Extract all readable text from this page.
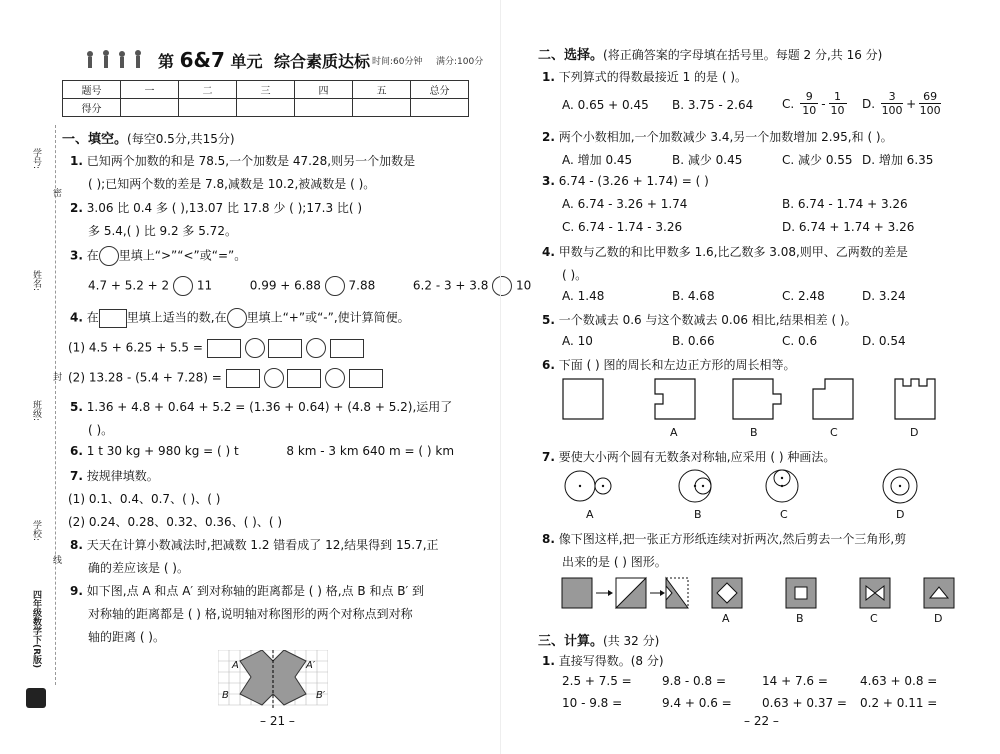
学号:
密
姓名:
封
班级:
学校:
线
四年级数学下(R版)
第 6&7 单元 综合素质达标 时间:60分钟 满分:100分
题号	一	二	三	四	五	总分
得分						
一、填空。(每空0.5分,共15分)
1. 已知两个加数的和是 78.5,一个加数是 47.28,则另一个加数是
( );已知两个数的差是 7.8,减数是 10.2,被减数是 ( )。
2. 3.06 比 0.4 多 ( ),13.07 比 17.8 少 ( );17.3 比( )
多 5.4,( ) 比 9.2 多 5.72。
3. 在 里填上“>”“<”或“=”。
4.7 + 5.2 + 2 11	0.99 + 6.88 7.88	6.2 - 3 + 3.8 10
4. 在 里填上适当的数,在 里填上“+”或“-”,使计算简便。
(1) 4.5 + 6.25 + 5.5 =
(2) 13.28 - (5.4 + 7.28) =
5. 1.36 + 4.8 + 0.64 + 5.2 = (1.36 + 0.64) + (4.8 + 5.2),运用了
( )。
6. 1 t 30 kg + 980 kg = ( ) t	8 km - 3 km 640 m = ( ) km
7. 按规律填数。
(1) 0.1、0.4、0.7、( )、( )
(2) 0.24、0.28、0.32、0.36、( )、( )
8. 天天在计算小数减法时,把减数 1.2 错看成了 12,结果得到 15.7,正
确的差应该是 ( )。
9. 如下图,点 A 和点 A′ 到对称轴的距离都是 ( ) 格,点 B 和点 B′ 到
对称轴的距离都是 ( ) 格,说明轴对称图形的两个对称点到对称
轴的距离 ( )。
A	A′
B	B′
– 21 –
二、选择。(将正确答案的字母填在括号里。每题 2 分,共 16 分)
1. 下列算式的得数最接近 1 的是 ( )。
A. 0.65 + 0.45 B. 3.75 - 2.64 C. 9
10 - 1
10 D. 3
100 + 69
100
2. 两个小数相加,一个加数减少 3.4,另一个加数增加 2.95,和 ( )。
A. 增加 0.45	B. 减少 0.45	C. 减少 0.55 D. 增加 6.35
3. 6.74 - (3.26 + 1.74) = ( )
A. 6.74 - 3.26 + 1.74	B. 6.74 - 1.74 + 3.26
C. 6.74 - 1.74 - 3.26	D. 6.74 + 1.74 + 3.26
4. 甲数与乙数的和比甲数多 1.6,比乙数多 3.08,则甲、乙两数的差是
( )。
A. 1.48	B. 4.68	C. 2.48	D. 3.24
5. 一个数减去 0.6 与这个数减去 0.06 相比,结果相差 ( )。
A. 10	B. 0.66	C. 0.6	D. 0.54
6. 下面 ( ) 图的周长和左边正方形的周长相等。
A	B	C	D
7. 要使大小两个圆有无数条对称轴,应采用 ( ) 种画法。
A	B	C	D
8. 像下图这样,把一张正方形纸连续对折两次,然后剪去一个三角形,剪
出来的是 ( ) 图形。
A	B	C	D
三、计算。(共 32 分)
1. 直接写得数。(8 分)
2.5 + 7.5 =	9.8 - 0.8 =	14 + 7.6 =	4.63 + 0.8 =
10 - 9.8 =	9.4 + 0.6 =	0.63 + 0.37 = 0.2 + 0.11 =
– 22 –
